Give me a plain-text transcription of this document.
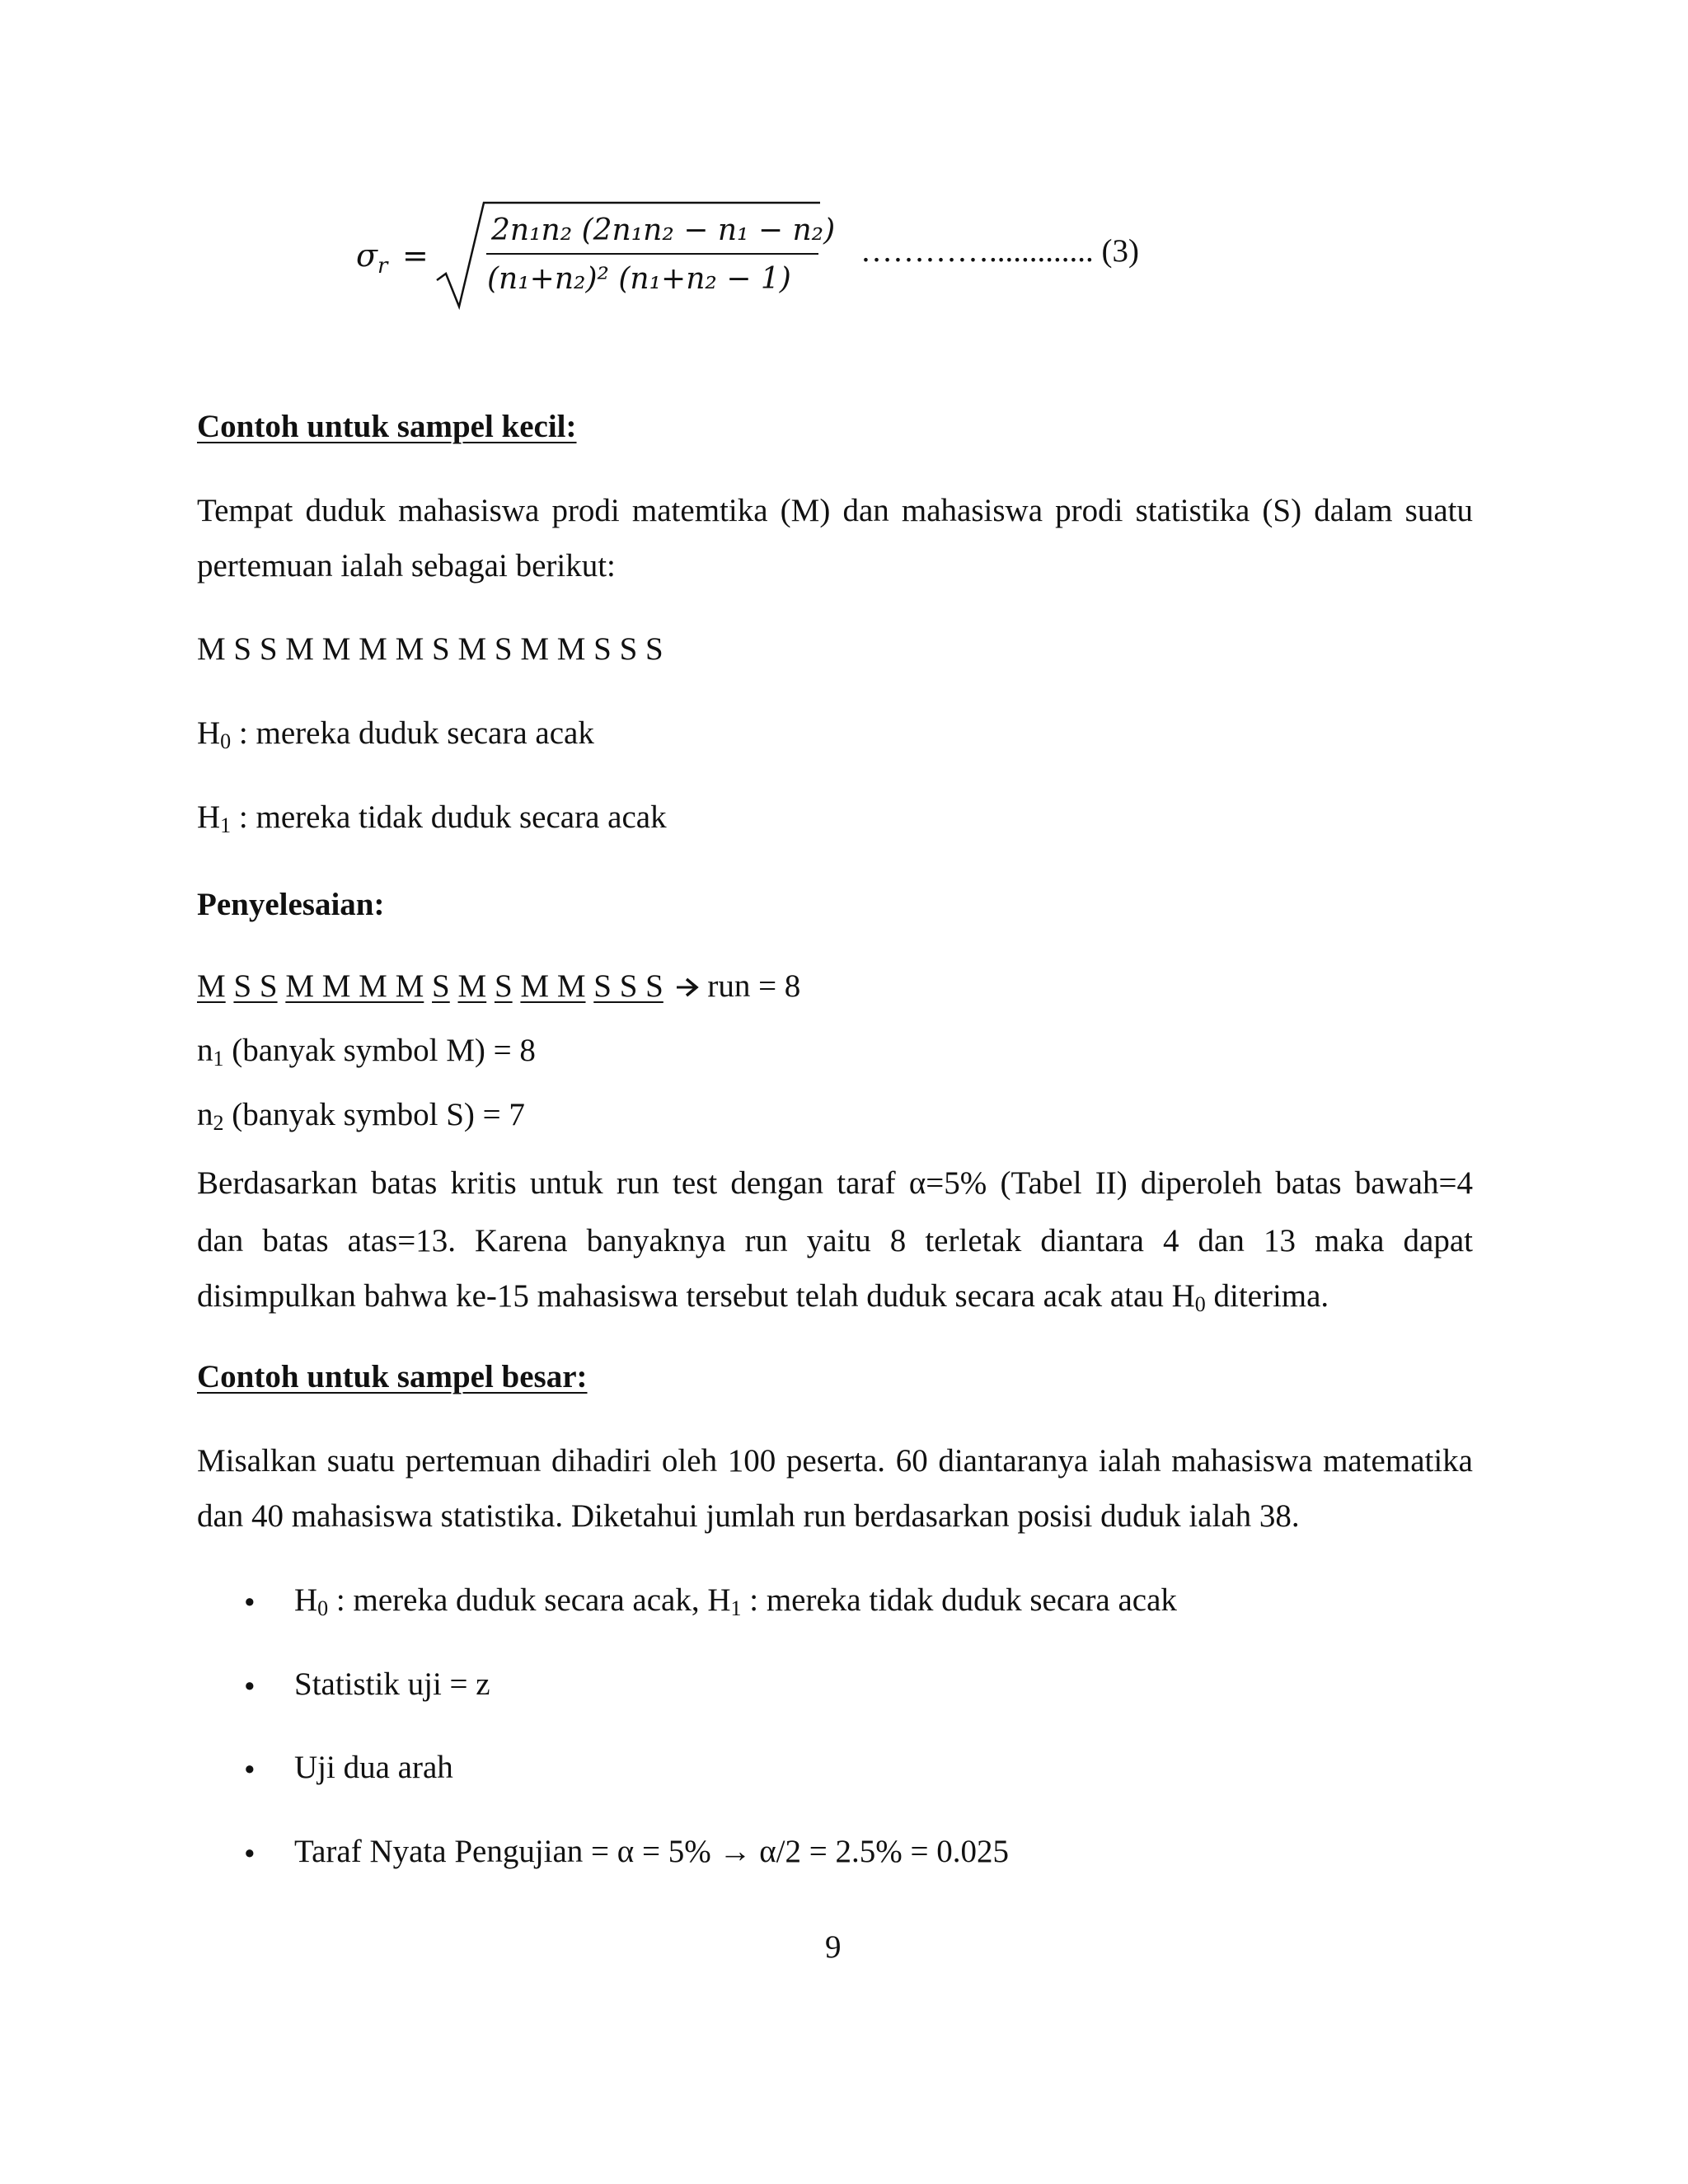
$\sigma_r$ =
2n₁n₂ (2n₁n₂ − n₁ − n₂)
(n₁+n₂)² (n₁+n₂ − 1)
…………............. (3)
Contoh untuk sampel kecil:
Tempat duduk mahasiswa prodi matemtika (M) dan mahasiswa prodi statistika (S) dalam suatu
pertemuan ialah sebagai berikut:
M S S M M M M S M S M M S S S
$H_0$ : mereka duduk secara acak
$H_1$ : mereka tidak duduk secara acak
Penyelesaian:
M S S M M M M S M S M M S S S run = 8
$n_1$ (banyak symbol M) = 8
$n_2$ (banyak symbol S) = 7
Berdasarkan batas kritis untuk run test dengan taraf α=5% (Tabel II) diperoleh batas bawah=4
dan batas atas=13. Karena banyaknya run yaitu 8 terletak diantara 4 dan 13 maka dapat
disimpulkan bahwa ke-15 mahasiswa tersebut telah duduk secara acak atau $H_0$ diterima.
Contoh untuk sampel besar:
Misalkan suatu pertemuan dihadiri oleh 100 peserta. 60 diantaranya ialah mahasiswa matematika
dan 40 mahasiswa statistika. Diketahui jumlah run berdasarkan posisi duduk ialah 38.
• $H_0$ : mereka duduk secara acak, $H_1$ : mereka tidak duduk secara acak
• Statistik uji = z
• Uji dua arah
• Taraf Nyata Pengujian = α = 5% → α/2 = 2.5% = 0.025
9
